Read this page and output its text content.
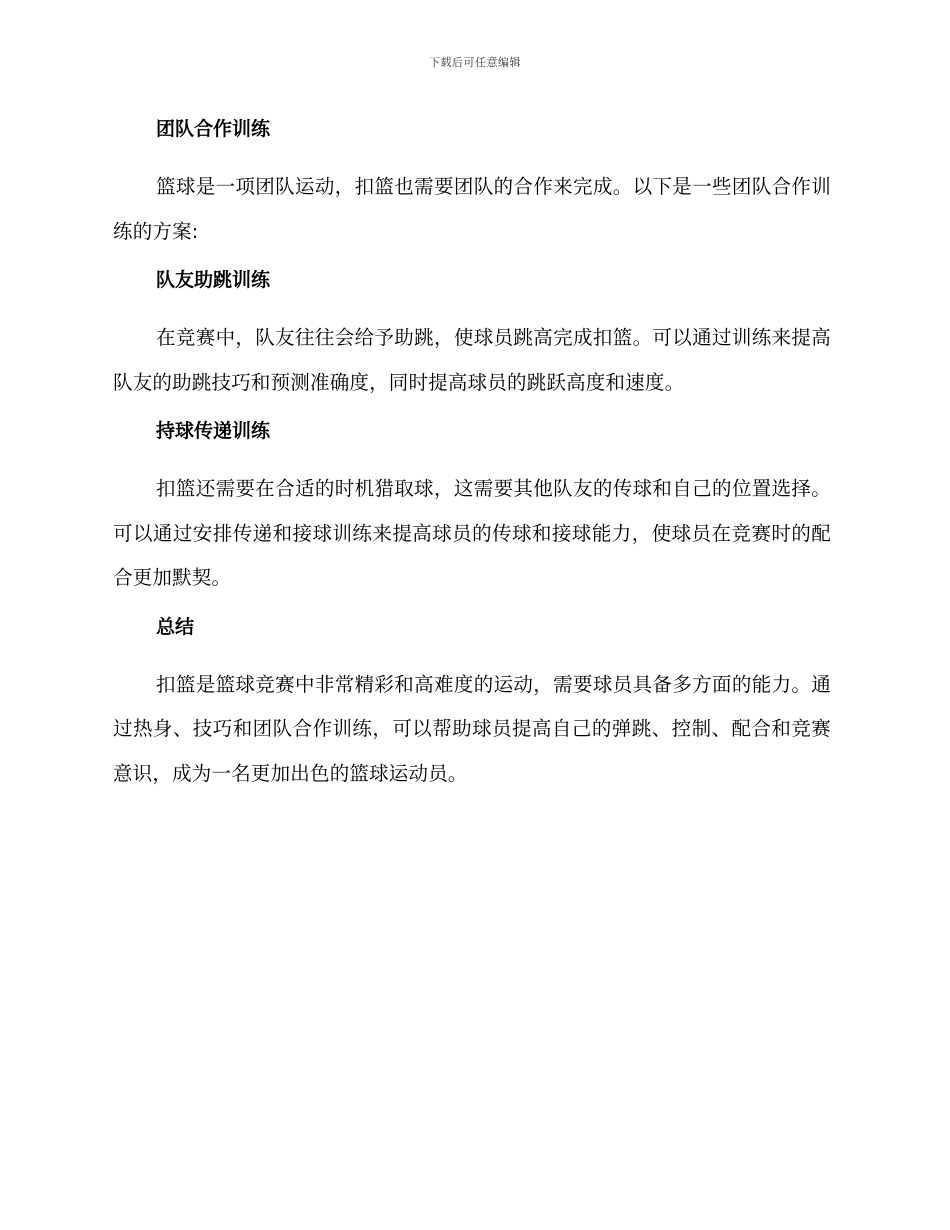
下载后可任意编辑
团队合作训练

篮球是一项团队运动，扣篮也需要团队的合作来完成。以下是一些团队合作训练的方案:

队友助跳训练

在竞赛中，队友往往会给予助跳，使球员跳高完成扣篮。可以通过训练来提高队友的助跳技巧和预测准确度，同时提高球员的跳跃高度和速度。

持球传递训练

扣篮还需要在合适的时机猎取球，这需要其他队友的传球和自己的位置选择。可以通过安排传递和接球训练来提高球员的传球和接球能力，使球员在竞赛时的配合更加默契。

总结

扣篮是篮球竞赛中非常精彩和高难度的运动，需要球员具备多方面的能力。通过热身、技巧和团队合作训练，可以帮助球员提高自己的弹跳、控制、配合和竞赛意识，成为一名更加出色的篮球运动员。
